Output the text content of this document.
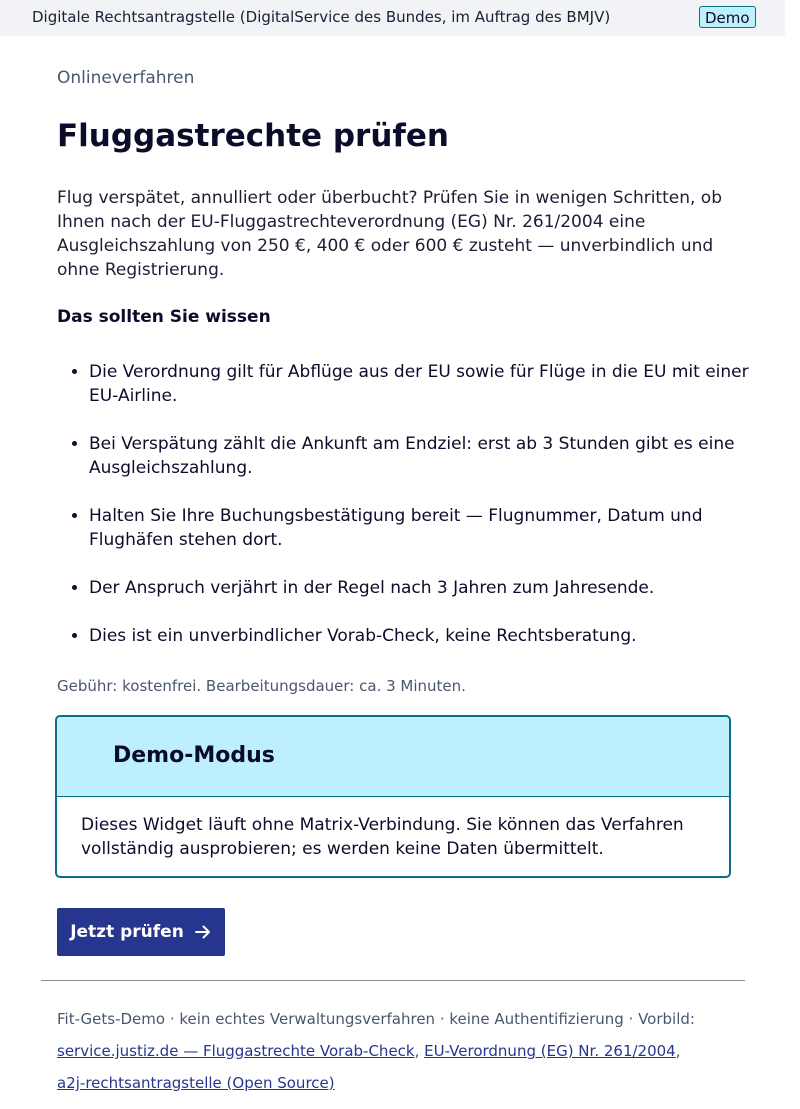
Digitale Rechtsantragstelle (DigitalService des Bundes, im Auftrag des BMJV)	Demo
Onlineverfahren
Fluggastrechte prüfen

Flug verspätet, annulliert oder überbucht? Prüfen Sie in wenigen Schritten, ob Ihnen nach der EU-Fluggastrechteverordnung (EG) Nr. 261/2004 eine Ausgleichszahlung von 250 €, 400 € oder 600 € zusteht — unverbindlich und ohne Registrierung.

Das sollten Sie wissen
• Die Verordnung gilt für Abflüge aus der EU sowie für Flüge in die EU mit einer EU-Airline.
• Bei Verspätung zählt die Ankunft am Endziel: erst ab 3 Stunden gibt es eine Ausgleichszahlung.
• Halten Sie Ihre Buchungsbestätigung bereit — Flugnummer, Datum und Flughäfen stehen dort.
• Der Anspruch verjährt in der Regel nach 3 Jahren zum Jahresende.
• Dies ist ein unverbindlicher Vorab-Check, keine Rechtsberatung.
Gebühr: kostenfrei. Bearbeitungsdauer: ca. 3 Minuten.
Demo-Modus
Dieses Widget läuft ohne Matrix-Verbindung. Sie können das Verfahren vollständig ausprobieren; es werden keine Daten übermittelt.
Jetzt prüfen
Fit-Gets-Demo · kein echtes Verwaltungsverfahren · keine Authentifizierung · Vorbild:
service.justiz.de — Fluggastrechte Vorab-Check, EU-Verordnung (EG) Nr. 261/2004,
a2j-rechtsantragstelle (Open Source)
